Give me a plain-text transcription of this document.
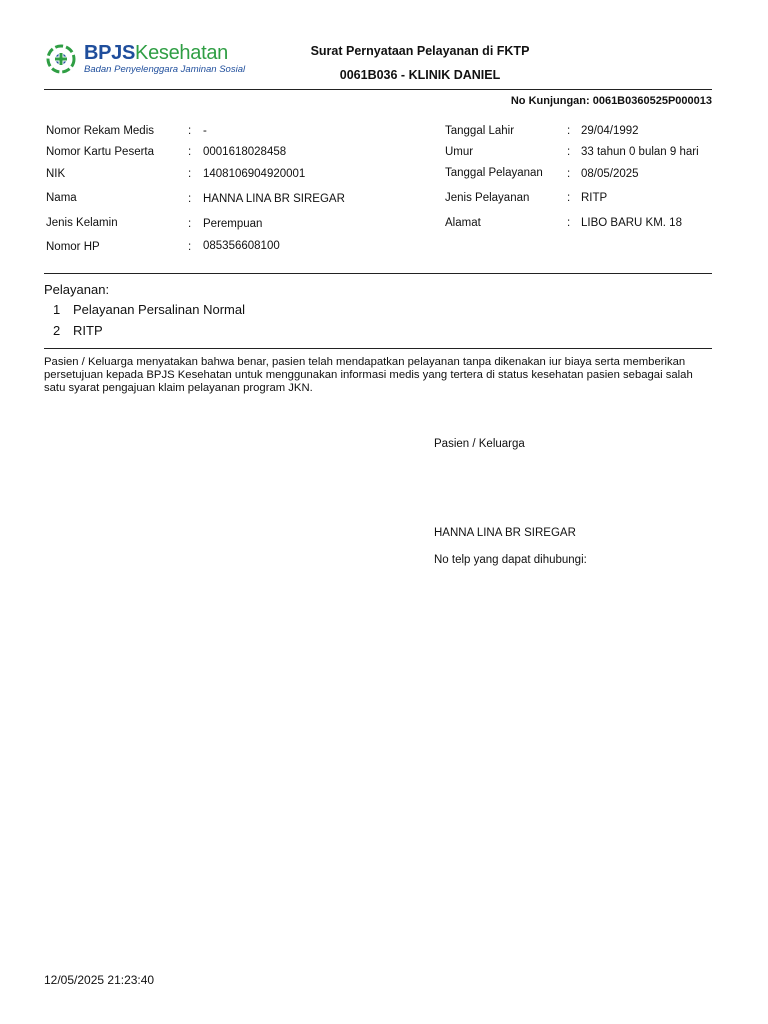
BPJSKesehatan
Badan Penyelenggara Jaminan Sosial
Surat Pernyataan Pelayanan di FKTP
0061B036 - KLINIK DANIEL
No Kunjungan: 0061B0360525P000013
Nomor Rekam Medis	: -
Nomor Kartu Peserta	: 0001618028458
NIK	: 1408106904920001
Nama	: HANNA LINA BR SIREGAR
Jenis Kelamin	: Perempuan
Nomor HP	: 085356608100
Tanggal Lahir	: 29/04/1992
Umur	: 33 tahun 0 bulan 9 hari
Tanggal Pelayanan : 08/05/2025
Jenis Pelayanan	: RITP
Alamat	: LIBO BARU KM. 18
Pelayanan:
1 Pelayanan Persalinan Normal
2 RITP
Pasien / Keluarga menyatakan bahwa benar, pasien telah mendapatkan pelayanan tanpa dikenakan iur biaya serta memberikan persetujuan kepada BPJS Kesehatan untuk menggunakan informasi medis yang tertera di status kesehatan pasien sebagai salah satu syarat pengajuan klaim pelayanan program JKN.
Pasien / Keluarga
HANNA LINA BR SIREGAR
No telp yang dapat dihubungi:
12/05/2025 21:23:40
